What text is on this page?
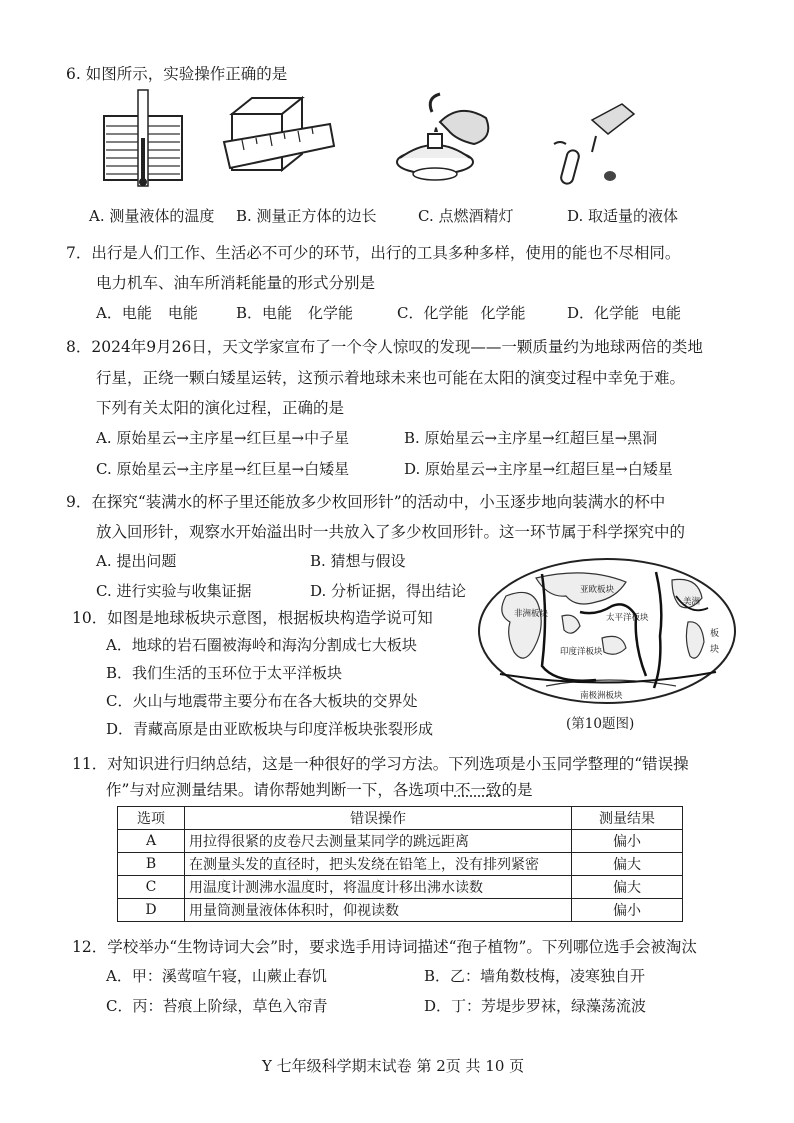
6. 如图所示，实验操作正确的是
A. 测量液体的温度 B. 测量正方体的边长	C. 点燃酒精灯	D. 取适量的液体
7．出行是人们工作、生活必不可少的环节，出行的工具多种多样，使用的能也不尽相同。
电力机车、油车所消耗能量的形式分别是
A．电能 电能	B．电能 化学能	C．化学能 化学能	D．化学能 电能
8．2024年9月26日，天文学家宣布了一个令人惊叹的发现——一颗质量约为地球两倍的类地
行星，正绕一颗白矮星运转，这预示着地球未来也可能在太阳的演变过程中幸免于难。
下列有关太阳的演化过程，正确的是
A. 原始星云→主序星→红巨星→中子星	B. 原始星云→主序星→红超巨星→黑洞
C. 原始星云→主序星→红巨星→白矮星	D. 原始星云→主序星→红超巨星→白矮星
9．在探究“装满水的杯子里还能放多少枚回形针”的活动中，小玉逐步地向装满水的杯中
放入回形针，观察水开始溢出时一共放入了多少枚回形针。这一环节属于科学探究中的
A. 提出问题	B. 猜想与假设
C. 进行实验与收集证据	D. 分析证据，得出结论
10．如图是地球板块示意图，根据板块构造学说可知
A．地球的岩石圈被海岭和海沟分割成七大板块
B．我们生活的玉环位于太平洋板块
C．火山与地震带主要分布在各大板块的交界处
D．青藏高原是由亚欧板块与印度洋板块张裂形成
亚欧板块
非洲板块
印度洋板块
太平洋板块
美洲
板
块
南极洲板块
(第10题图)
11．对知识进行归纳总结，这是一种很好的学习方法。下列选项是小玉同学整理的“错误操
作”与对应测量结果。请你帮她判断一下，各选项中不一致的是
选项	错误操作	测量结果
A	用拉得很紧的皮卷尺去测量某同学的跳远距离	偏小
B	在测量头发的直径时，把头发绕在铅笔上，没有排列紧密	偏大
C	用温度计测沸水温度时，将温度计移出沸水读数	偏大
D	用量筒测量液体体积时，仰视读数	偏小
12．学校举办“生物诗词大会”时，要求选手用诗词描述“孢子植物”。下列哪位选手会被淘汰
A．甲：溪莺喧午寝，山蕨止春饥	B．乙：墙角数枝梅，凌寒独自开
C．丙：苔痕上阶绿，草色入帘青	D．丁：芳堤步罗袜，绿藻荡流波
Y 七年级科学期末试卷 第 2页 共 10 页
